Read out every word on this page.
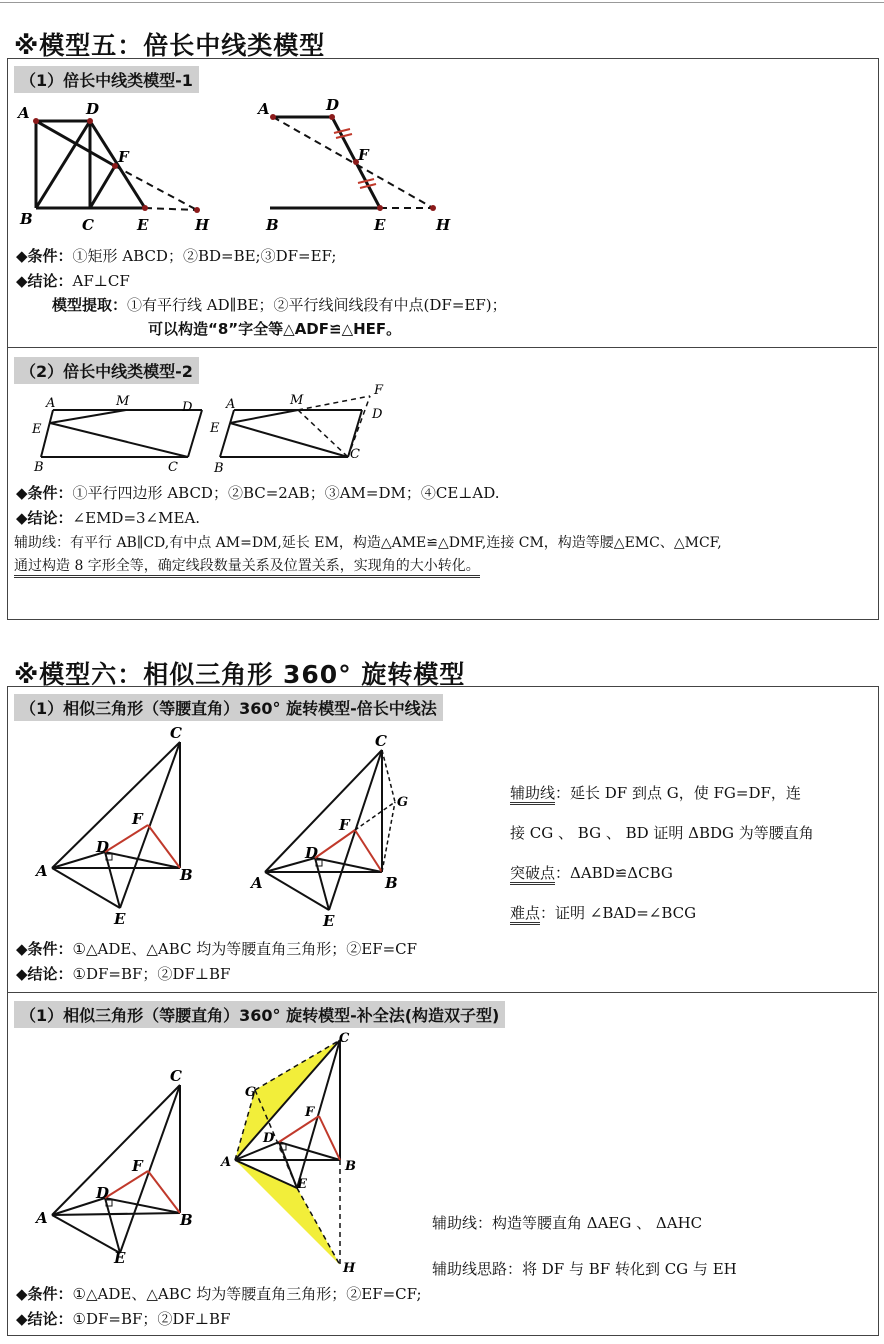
※模型五：倍长中线类模型
（1）倍长中线类模型-1
A	D
F
B	C	E	H
A	D
F
B	E	H
◆条件：①矩形 ABCD；②BD=BE;③DF=EF;
◆结论：AF⊥CF
模型提取：①有平行线 AD∥BE；②平行线间线段有中点(DF=EF)；
可以构造“8”字全等△ADF≌△HEF。
（2）倍长中线类模型-2
A	M	D
E
B	C
A	M
D
F
E
B
C
◆条件：①平行四边形 ABCD；②BC=2AB；③AM=DM；④CE⊥AD.
◆结论：∠EMD=3∠MEA.
辅助线：有平行 AB∥CD,有中点 AM=DM,延长 EM，构造△AME≌△DMF,连接 CM，构造等腰△EMC、△MCF,
通过构造 8 字形全等，确定线段数量关系及位置关系，实现角的大小转化。
※模型六：相似三角形 360° 旋转模型
（1）相似三角形（等腰直角）360° 旋转模型-倍长中线法
C
F
D
A	B
E
C
G
F
D
A	B
E
辅助线：延长 DF 到点 G，使 FG=DF，连
接 CG 、 BG 、 BD 证明 ΔBDG 为等腰直角
突破点：ΔABD≌ΔCBG
难点：证明 ∠BAD=∠BCG
◆条件：①△ADE、△ABC 均为等腰直角三角形；②EF=CF
◆结论：①DF=BF；②DF⊥BF
（1）相似三角形（等腰直角）360° 旋转模型-补全法(构造双子型)
C
F
D
A	B
E
C
G
F
D
A	B
E
H
辅助线：构造等腰直角 ΔAEG 、 ΔAHC
辅助线思路：将 DF 与 BF 转化到 CG 与 EH
◆条件：①△ADE、△ABC 均为等腰直角三角形；②EF=CF;
◆结论：①DF=BF；②DF⊥BF
